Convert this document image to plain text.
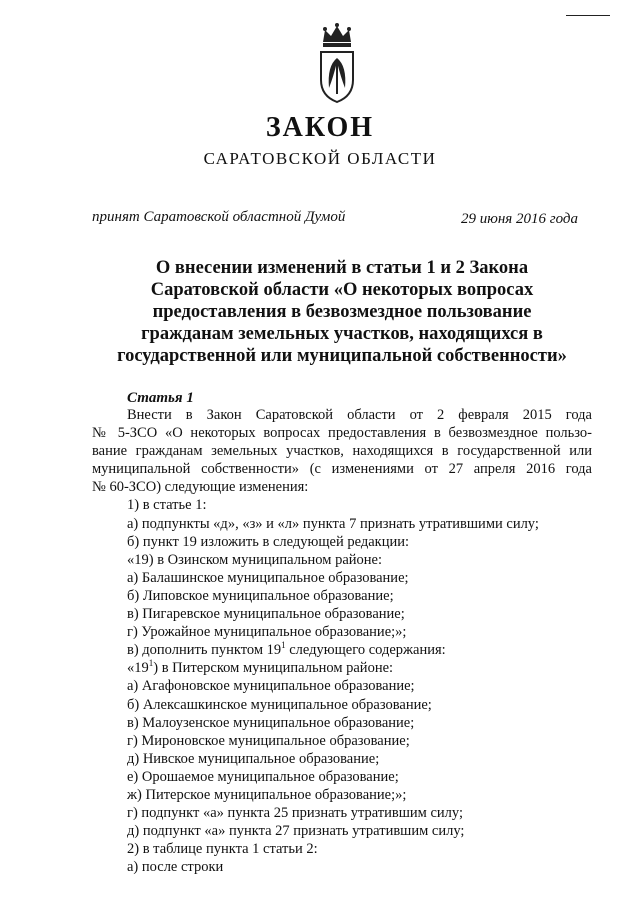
ЗАКОН
САРАТОВСКОЙ ОБЛАСТИ
принят Саратовской областной Думой	29 июня 2016 года
О внесении изменений в статьи 1 и 2 Закона
Саратовской области «О некоторых вопросах
предоставления в безвозмездное пользование
гражданам земельных участков, находящихся в
государственной или муниципальной собственности»
Статья 1
Внести в Закон Саратовской области от 2 февраля 2015 года
№ 5-ЗСО «О некоторых вопросах предоставления в безвозмездное пользо-
вание гражданам земельных участков, находящихся в государственной или
муниципальной собственности» (с изменениями от 27 апреля 2016 года
№ 60-ЗСО) следующие изменения:
1) в статье 1:
а) подпункты «д», «з» и «л» пункта 7 признать утратившими силу;
б) пункт 19 изложить в следующей редакции:
«19) в Озинском муниципальном районе:
а) Балашинское муниципальное образование;
б) Липовское муниципальное образование;
в) Пигаревское муниципальное образование;
г) Урожайное муниципальное образование;»;
в) дополнить пунктом $19^1$ следующего содержания:
«$19^1$) в Питерском муниципальном районе:
а) Агафоновское муниципальное образование;
б) Алексашкинское муниципальное образование;
в) Малоузенское муниципальное образование;
г) Мироновское муниципальное образование;
д) Нивское муниципальное образование;
е) Орошаемое муниципальное образование;
ж) Питерское муниципальное образование;»;
г) подпункт «а» пункта 25 признать утратившим силу;
д) подпункт «а» пункта 27 признать утратившим силу;
2) в таблице пункта 1 статьи 2:
а) после строки
